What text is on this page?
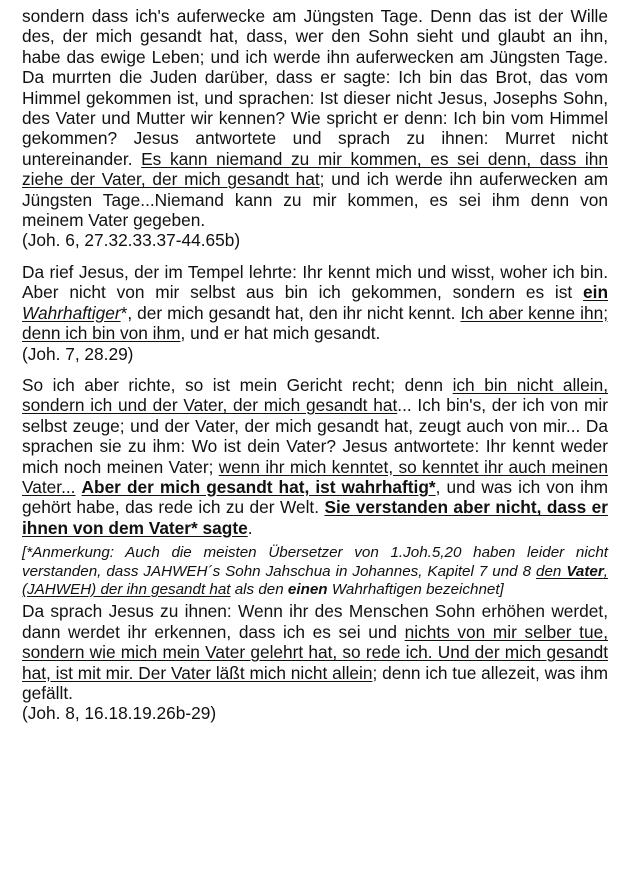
sondern dass ich's auferwecke am Jüngsten Tage. Denn das ist der Wille des, der mich gesandt hat, dass, wer den Sohn sieht und glaubt an ihn, habe das ewige Leben; und ich werde ihn auferwecken am Jüngsten Tage. Da murrten die Juden darüber, dass er sagte: Ich bin das Brot, das vom Himmel gekommen ist, und sprachen: Ist dieser nicht Jesus, Josephs Sohn, des Vater und Mutter wir kennen? Wie spricht er denn: Ich bin vom Himmel gekommen? Jesus antwortete und sprach zu ihnen: Murret nicht untereinander. Es kann niemand zu mir kommen, es sei denn, dass ihn ziehe der Vater, der mich gesandt hat; und ich werde ihn auferwecken am Jüngsten Tage...Niemand kann zu mir kommen, es sei ihm denn von meinem Vater gegeben.

(Joh. 6, 27.32.33.37-44.65b)

Da rief Jesus, der im Tempel lehrte: Ihr kennt mich und wisst, woher ich bin. Aber nicht von mir selbst aus bin ich gekommen, sondern es ist ein Wahrhaftiger*, der mich gesandt hat, den ihr nicht kennt. Ich aber kenne ihn; denn ich bin von ihm, und er hat mich gesandt.

(Joh. 7, 28.29)

So ich aber richte, so ist mein Gericht recht; denn ich bin nicht allein, sondern ich und der Vater, der mich gesandt hat... Ich bin's, der ich von mir selbst zeuge; und der Vater, der mich gesandt hat, zeugt auch von mir... Da sprachen sie zu ihm: Wo ist dein Vater? Jesus antwortete: Ihr kennt weder mich noch meinen Vater; wenn ihr mich kenntet, so kenntet ihr auch meinen Vater... Aber der mich gesandt hat, ist wahrhaftig*, und was ich von ihm gehört habe, das rede ich zu der Welt. Sie verstanden aber nicht, dass er ihnen von dem Vater* sagte.

[*Anmerkung: Auch die meisten Übersetzer von 1.Joh.5,20 haben leider nicht verstanden, dass JAHWEH´s Sohn Jahschua in Johannes, Kapitel 7 und 8 den Vater, (JAHWEH) der ihn gesandt hat als den einen Wahrhaftigen bezeichnet]

Da sprach Jesus zu ihnen: Wenn ihr des Menschen Sohn erhöhen werdet, dann werdet ihr erkennen, dass ich es sei und nichts von mir selber tue, sondern wie mich mein Vater gelehrt hat, so rede ich. Und der mich gesandt hat, ist mit mir. Der Vater läßt mich nicht allein; denn ich tue allezeit, was ihm gefällt.

(Joh. 8, 16.18.19.26b-29)
